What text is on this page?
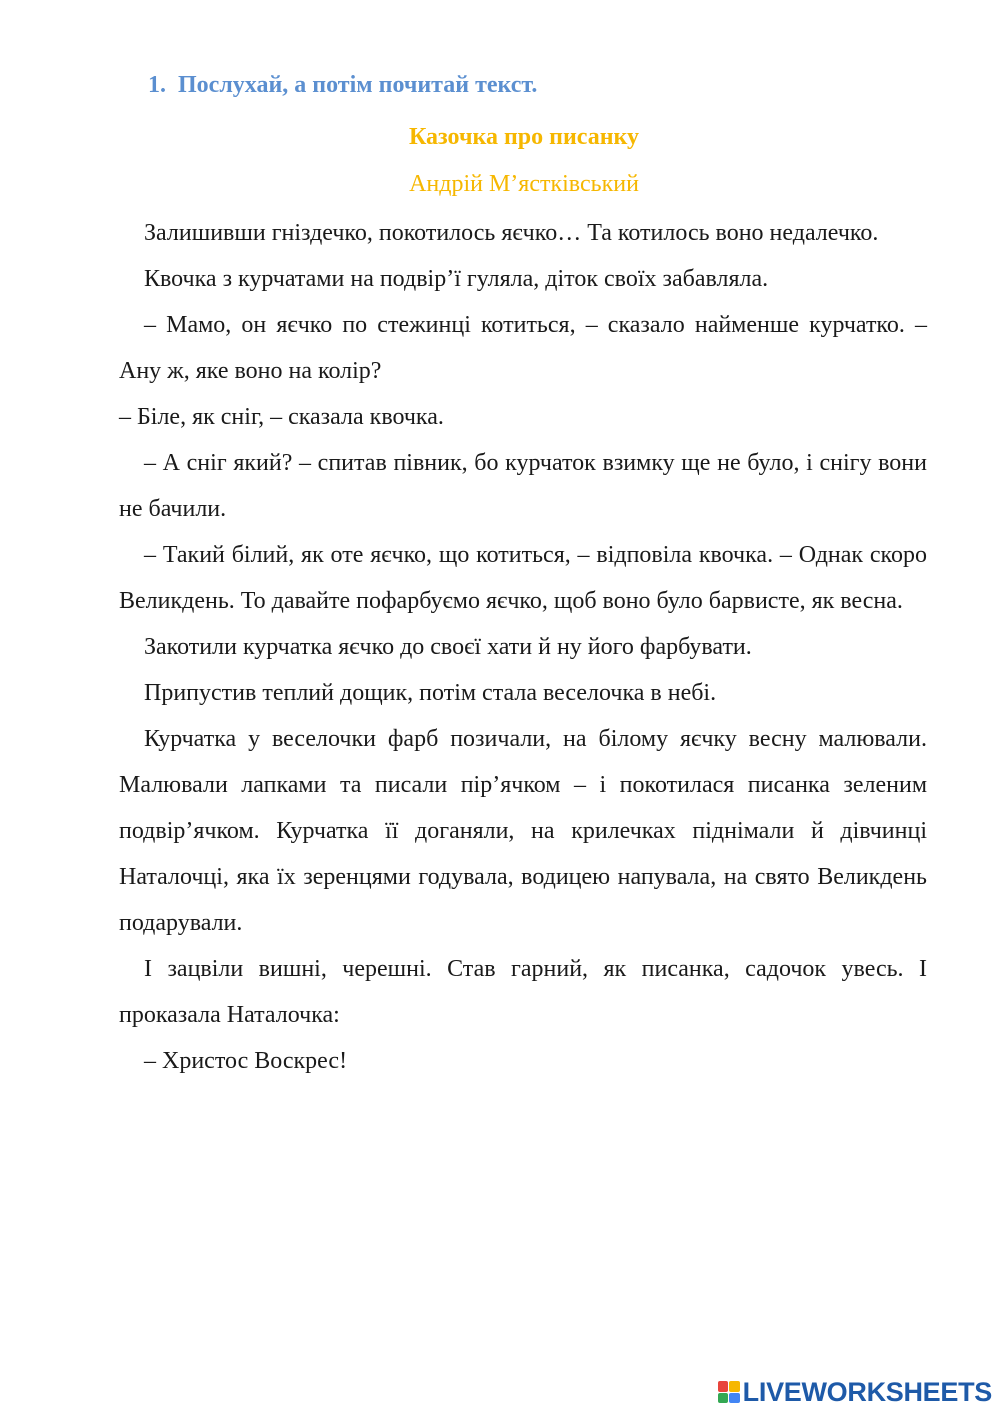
1. Послухай, а потім почитай текст.
Казочка про писанку
Андрій М’ястківський

Залишивши гніздечко, покотилось яєчко… Та котилось воно недалечко.

Квочка з курчатами на подвір’ї гуляла, діток своїх забавляла.

– Мамо, он яєчко по стежинці котиться, – сказало найменше курчатко. – Ану ж, яке воно на колір?

– Біле, як сніг, – сказала квочка.

– А сніг який? – спитав півник, бо курчаток взимку ще не було, і снігу вони не бачили.

– Такий білий, як оте яєчко, що котиться, – відповіла квочка. – Однак скоро Великдень. То давайте пофарбуємо яєчко, щоб воно було барвисте, як весна.

Закотили курчатка яєчко до своєї хати й ну його фарбувати.

Припустив теплий дощик, потім стала веселочка в небі.

Курчатка у веселочки фарб позичали, на білому яєчку весну малювали. Малювали лапками та писали пір’ячком – і покотилася писанка зеленим подвір’ячком. Курчатка її доганяли, на крилечках піднімали й дівчинці Наталочці, яка їх зеренцями годувала, водицею напувала, на свято Великдень подарували.

І зацвіли вишні, черешні. Став гарний, як писанка, садочок увесь. І проказала Наталочка:

– Христос Воскрес!

LIVEWORKSHEETS
